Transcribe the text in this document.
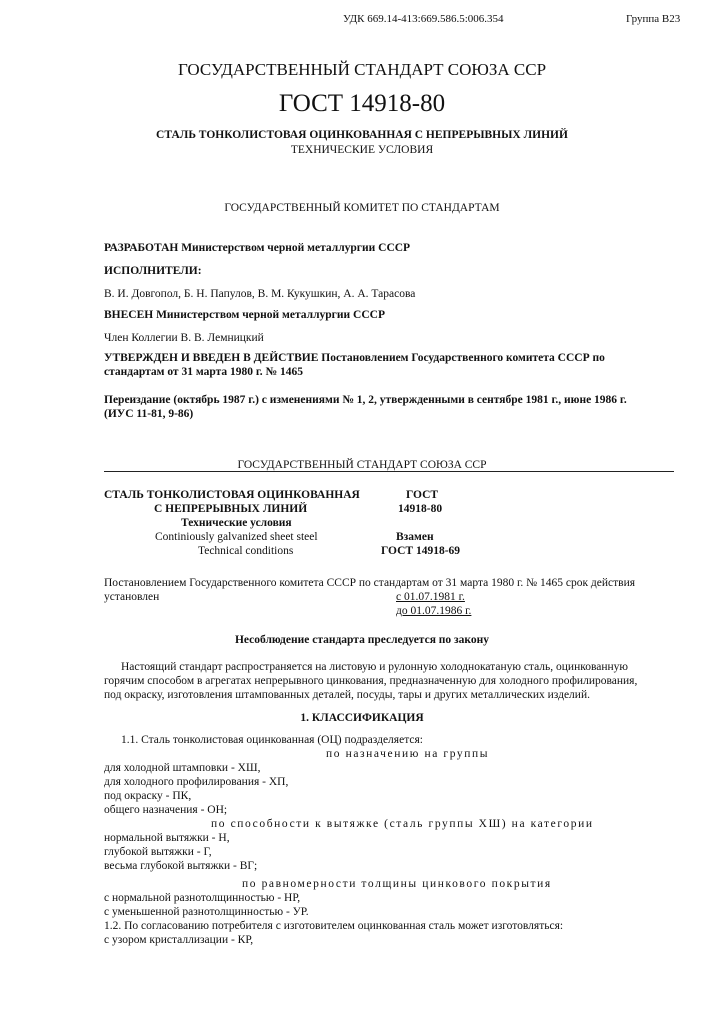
УДК 669.14-413:669.586.5:006.354	Группа В23
ГОСУДАРСТВЕННЫЙ СТАНДАРТ СОЮЗА ССР
ГОСТ 14918-80
СТАЛЬ ТОНКОЛИСТОВАЯ ОЦИНКОВАННАЯ С НЕПРЕРЫВНЫХ ЛИНИЙ
ТЕХНИЧЕСКИЕ УСЛОВИЯ
ГОСУДАРСТВЕННЫЙ КОМИТЕТ ПО СТАНДАРТАМ
РАЗРАБОТАН Министерством черной металлургии СССР
ИСПОЛНИТЕЛИ:
В. И. Довгопол, Б. Н. Папулов, В. М. Кукушкин, А. А. Тарасова
ВНЕСЕН Министерством черной металлургии СССР
Член Коллегии В. В. Лемницкий
УТВЕРЖДЕН И ВВЕДЕН В ДЕЙСТВИЕ Постановлением Государственного комитета СССР по
стандартам от 31 марта 1980 г. № 1465
Переиздание (октябрь 1987 г.) с изменениями № 1, 2, утвержденными в сентябре 1981 г., июне 1986 г.
(ИУС 11-81, 9-86)
ГОСУДАРСТВЕННЫЙ СТАНДАРТ СОЮЗА ССР
СТАЛЬ ТОНКОЛИСТОВАЯ ОЦИНКОВАННАЯ
С НЕПРЕРЫВНЫХ ЛИНИЙ
Технические условия
Continiously galvanized sheet steel
Technical conditions
ГОСТ
14918-80
Взамен
ГОСТ 14918-69
Постановлением Государственного комитета СССР по стандартам от 31 марта 1980 г. № 1465 срок действия
установлен	с 01.07.1981 г.
до 01.07.1986 г.
Несоблюдение стандарта преследуется по закону
Настоящий стандарт распространяется на листовую и рулонную холоднокатаную сталь, оцинкованную
горячим способом в агрегатах непрерывного цинкования, предназначенную для холодного профилирования,
под окраску, изготовления штампованных деталей, посуды, тары и других металлических изделий.
1. КЛАССИФИКАЦИЯ
1.1. Сталь тонколистовая оцинкованная (ОЦ) подразделяется:
по назначению на группы
для холодной штамповки - ХШ,
для холодного профилирования - ХП,
под окраску - ПК,
общего назначения - ОН;
по способности к вытяжке (сталь группы ХШ) на категории
нормальной вытяжки - Н,
глубокой вытяжки - Г,
весьма глубокой вытяжки - ВГ;
по равномерности толщины цинкового покрытия
с нормальной разнотолщинностью - НР,
с уменьшенной разнотолщинностью - УР.
1.2. По согласованию потребителя с изготовителем оцинкованная сталь может изготовляться:
с узором кристаллизации - КР,
